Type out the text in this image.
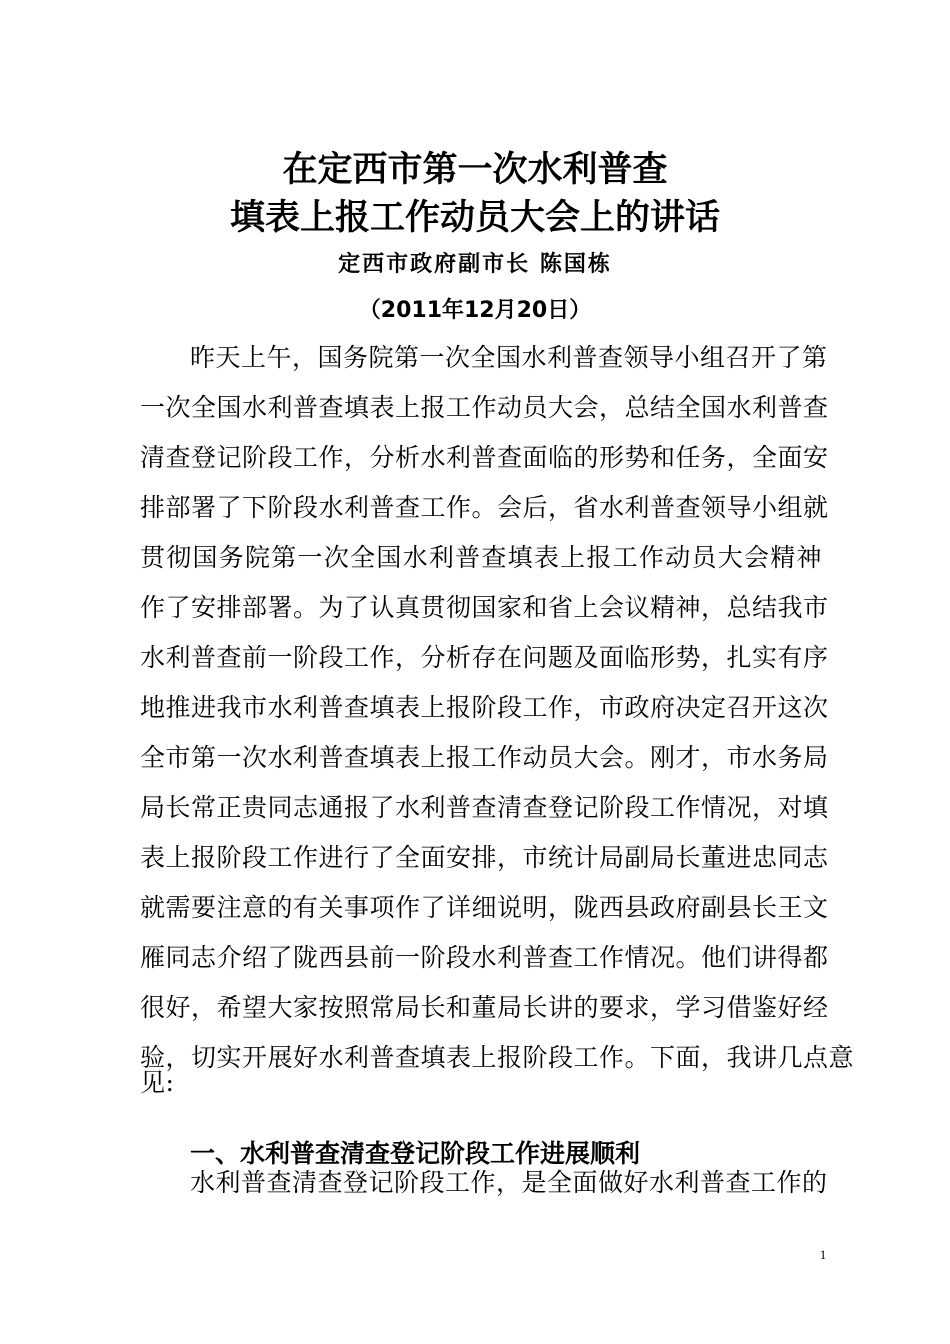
在定西市第一次水利普查
填表上报工作动员大会上的讲话
定西市政府副市长 陈国栋
（2011年12月20日）
昨天上午，国务院第一次全国水利普查领导小组召开了第
一次全国水利普查填表上报工作动员大会，总结全国水利普查
清查登记阶段工作，分析水利普查面临的形势和任务，全面安
排部署了下阶段水利普查工作。会后，省水利普查领导小组就
贯彻国务院第一次全国水利普查填表上报工作动员大会精神
作了安排部署。为了认真贯彻国家和省上会议精神，总结我市
水利普查前一阶段工作，分析存在问题及面临形势，扎实有序
地推进我市水利普查填表上报阶段工作，市政府决定召开这次
全市第一次水利普查填表上报工作动员大会。刚才，市水务局
局长常正贵同志通报了水利普查清查登记阶段工作情况，对填
表上报阶段工作进行了全面安排，市统计局副局长董进忠同志
就需要注意的有关事项作了详细说明，陇西县政府副县长王文
雁同志介绍了陇西县前一阶段水利普查工作情况。他们讲得都
很好，希望大家按照常局长和董局长讲的要求，学习借鉴好经
验，切实开展好水利普查填表上报阶段工作。下面，我讲几点意
见:
一、水利普查清查登记阶段工作进展顺利
水利普查清查登记阶段工作，是全面做好水利普查工作的
1
